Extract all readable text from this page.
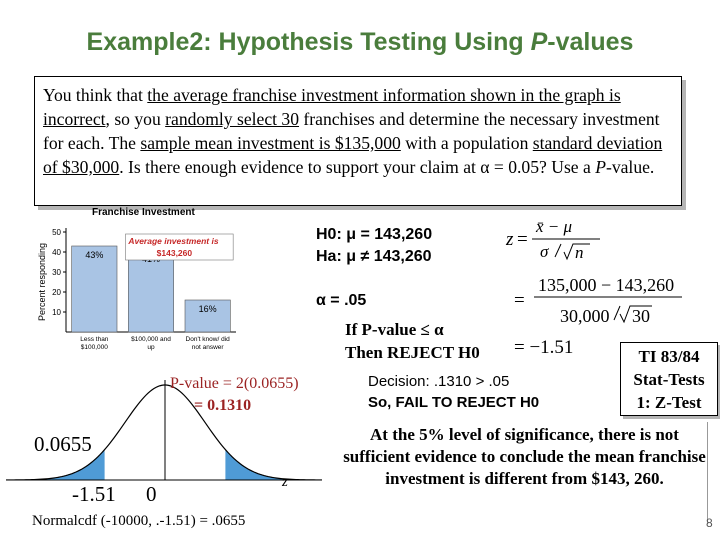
Example2: Hypothesis Testing Using P-values
You think that the average franchise investment information shown in the graph is incorrect, so you randomly select 30 franchises and determine the necessary investment for each. The sample mean investment is $135,000 with a population standard deviation of $30,000. Is there enough evidence to support your claim at α = 0.05? Use a P-value.
Franchise Investment
Percent responding 10
20
30
40
50
43%
Less than
$100,000
$100,000 and
up
16%
Don't know/ did
not answer
Average investment is
$143,260
H0: μ = 143,260
Ha: μ ≠ 143,260
α = .05
z =
x̄ − μ
σ n
=
135,000 − 143,260
30,000 30
= −1.51
If P-value ≤ α
Then REJECT H0
Decision: .1310 > .05
So, FAIL TO REJECT H0
TI 83/84
Stat-Tests
1: Z-Test
z
P-value = 2(0.0655)
= 0.1310
0.0655
-1.51 0
Normalcdf (-10000, .-1.51) = .0655
At the 5% level of significance, there is not sufficient evidence to conclude the mean franchise investment is different from $143, 260.
8
